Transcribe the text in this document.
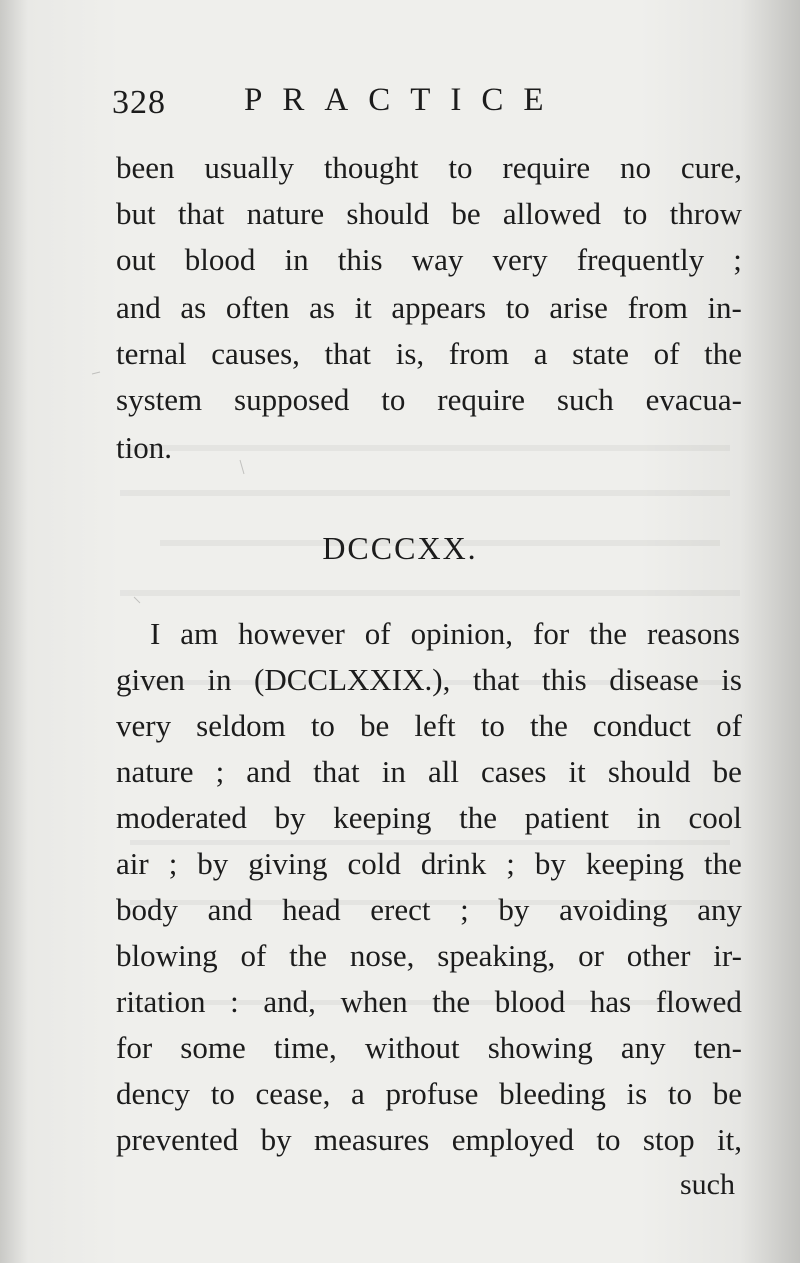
328 PRACTICE
been usually thought to require no cure,
but that nature should be allowed to throw
out blood in this way very frequently ;
and as often as it appears to arise from in-
ternal causes, that is, from a state of the
system supposed to require such evacua-
tion.
DCCCXX.
I am however of opinion, for the reasons
given in (DCCLXXIX.), that this disease is
very seldom to be left to the conduct of
nature ; and that in all cases it should be
moderated by keeping the patient in cool
air ; by giving cold drink ; by keeping the
body and head erect ; by avoiding any
blowing of the nose, speaking, or other ir-
ritation : and, when the blood has flowed
for some time, without showing any ten-
dency to cease, a profuse bleeding is to be
prevented by measures employed to stop it,
such
